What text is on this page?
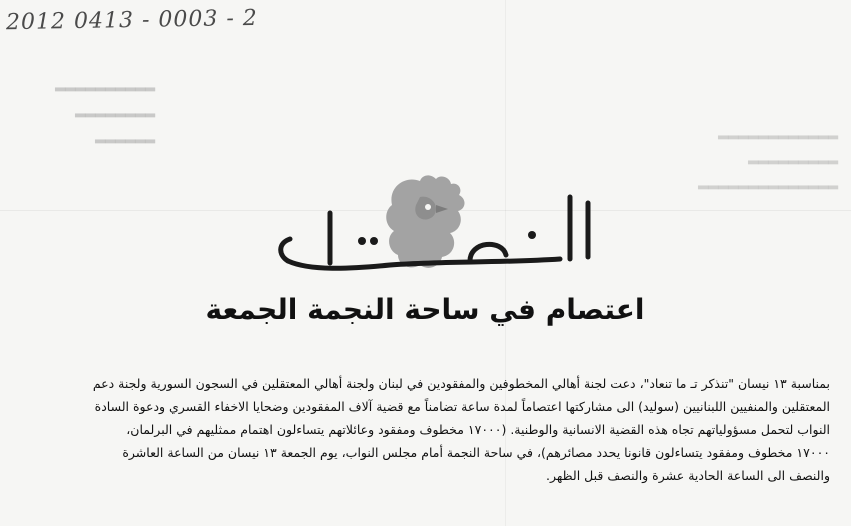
▂▂▂▂▂▂▂▂▂▂
▂▂▂▂▂▂▂▂
▂▂▂▂▂▂	▂▂▂▂▂▂▂▂▂▂▂▂
▂▂▂▂▂▂▂▂▂
▂▂▂▂▂▂▂▂▂▂▂▂▂▂
2012 0413 - 0003 - 2
اعتصام في ساحة النجمة الجمعة
بمناسبة ١٣ نيسان "تنذكر تـ ما تنعاد"، دعت لجنة أهالي المخطوفين والمفقودين في لبنان ولجنة أهالي المعتقلين في السجون السورية ولجنة دعم
المعتقلين والمنفيين اللبنانيين (سوليد) الى مشاركتها اعتصاماً لمدة ساعة تضامناً مع قضية آلاف المفقودين وضحايا الاخفاء القسري ودعوة السادة
النواب لتحمل مسؤولياتهم تجاه هذه القضية الانسانية والوطنية. (١٧٠٠٠ مخطوف ومفقود وعائلاتهم يتساءلون اهتمام ممثليهم في البرلمان،
١٧٠٠٠ مخطوف ومفقود يتساءلون قانونا يحدد مصائرهم)، في ساحة النجمة أمام مجلس النواب، يوم الجمعة ١٣ نيسان من الساعة العاشرة
والنصف الى الساعة الحادية عشرة والنصف قبل الظهر.
